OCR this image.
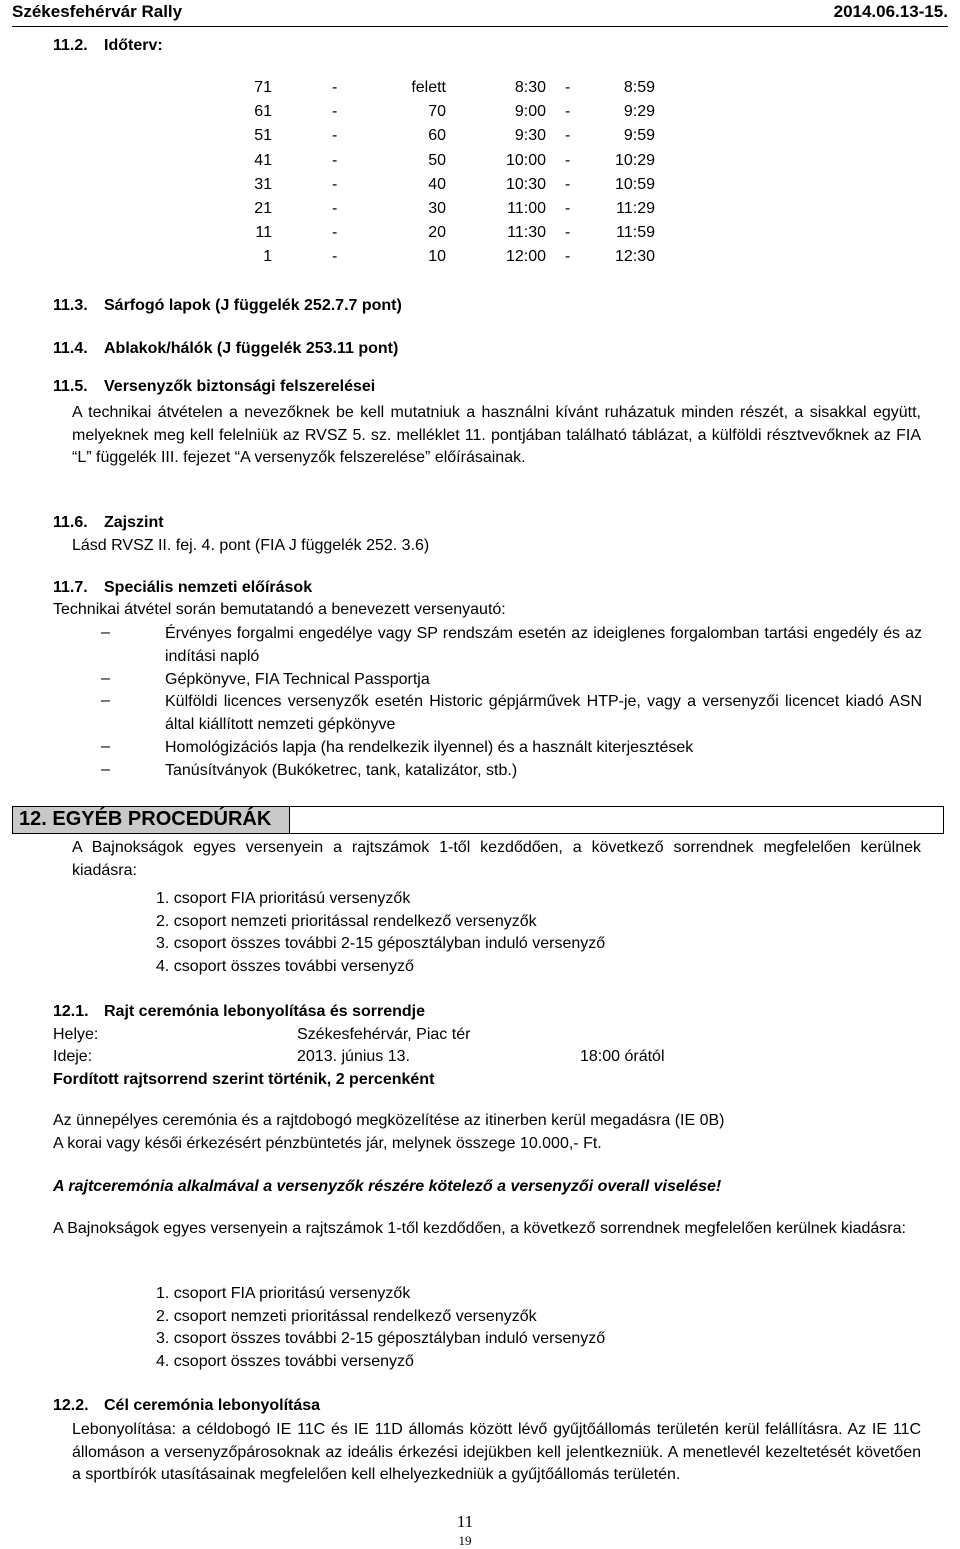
Székesfehérvár Rally	2014.06.13-15.
11.2. Időterv:
71	-	felett	8:30 -	8:59
61	-	70	9:00 -	9:29
51	-	60	9:30 -	9:59
41	-	50	10:00 -	10:29
31	-	40	10:30 -	10:59
21	-	30	11:00 -	11:29
11	-	20	11:30 -	11:59
1	-	10	12:00 -	12:30
11.3. Sárfogó lapok (J függelék 252.7.7 pont)
11.4. Ablakok/hálók (J függelék 253.11 pont)
11.5. Versenyzők biztonsági felszerelései
A technikai átvételen a nevezőknek be kell mutatniuk a használni kívánt ruházatuk minden részét, a sisakkal együtt, melyeknek meg kell felelniük az RVSZ 5. sz. melléklet 11. pontjában található táblázat, a külföldi résztvevőknek az FIA “L” függelék III. fejezet “A versenyzők felszerelése” előírásainak.
11.6. Zajszint
Lásd RVSZ II. fej. 4. pont (FIA J függelék 252. 3.6)
11.7. Speciális nemzeti előírások
Technikai átvétel során bemutatandó a benevezett versenyautó:
–	Érvényes forgalmi engedélye vagy SP rendszám esetén az ideiglenes forgalomban tartási engedély és az indítási napló
–	Gépkönyve, FIA Technical Passportja
–	Külföldi licences versenyzők esetén Historic gépjárművek HTP-je, vagy a versenyzői licencet kiadó ASN által kiállított nemzeti gépkönyve
–	Homológizációs lapja (ha rendelkezik ilyennel) és a használt kiterjesztések
–	Tanúsítványok (Bukóketrec, tank, katalizátor, stb.)
12. EGYÉB PROCEDÚRÁK
A Bajnokságok egyes versenyein a rajtszámok 1-től kezdődően, a következő sorrendnek megfelelően kerülnek kiadásra:
1. csoport FIA prioritású versenyzők
2. csoport nemzeti prioritással rendelkező versenyzők
3. csoport összes további 2-15 géposztályban induló versenyző
4. csoport összes további versenyző
12.1. Rajt ceremónia lebonyolítása és sorrendje
Helye:	Székesfehérvár, Piac tér
Ideje:	2013. június 13.	18:00 órától
Fordított rajtsorrend szerint történik, 2 percenként
Az ünnepélyes ceremónia és a rajtdobogó megközelítése az itinerben kerül megadásra (IE 0B)
A korai vagy késői érkezésért pénzbüntetés jár, melynek összege 10.000,- Ft.
A rajtceremónia alkalmával a versenyzők részére kötelező a versenyzői overall viselése!
A Bajnokságok egyes versenyein a rajtszámok 1-től kezdődően, a következő sorrendnek megfelelően kerülnek kiadásra:
1. csoport FIA prioritású versenyzők
2. csoport nemzeti prioritással rendelkező versenyzők
3. csoport összes további 2-15 géposztályban induló versenyző
4. csoport összes további versenyző
12.2. Cél ceremónia lebonyolítása
Lebonyolítása: a céldobogó IE 11C és IE 11D állomás között lévő gyűjtőállomás területén kerül felállításra. Az IE 11C állomáson a versenyzőpárosoknak az ideális érkezési idejükben kell jelentkezniük. A menetlevél kezeltetését követően a sportbírók utasításainak megfelelően kell elhelyezkedniük a gyűjtőállomás területén.
11
19
